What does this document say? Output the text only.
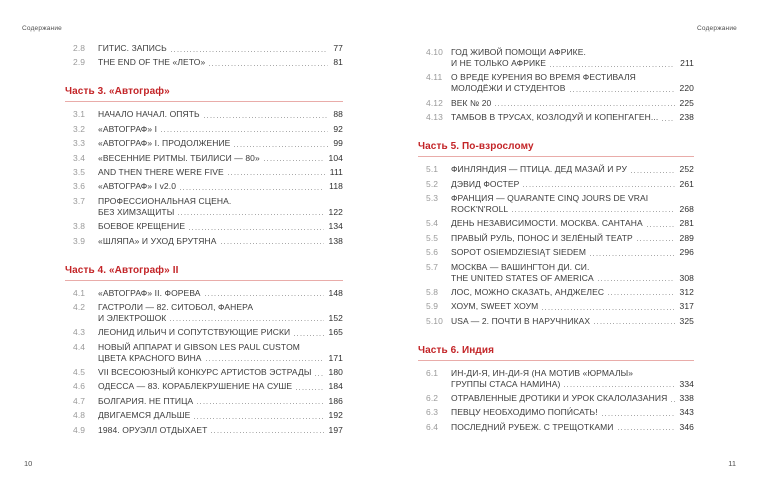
Содержание
2.8	ГИТИС. ЗАПИСЬ	77
2.9	THE END OF THE «ЛЕТО»	81
Часть 3. «Автограф»
3.1	НАЧАЛО НАЧАЛ. ОПЯТЬ	88
3.2	«АВТОГРАФ» I	92
3.3	«АВТОГРАФ» I. ПРОДОЛЖЕНИЕ	99
3.4	«ВЕСЕННИЕ РИТМЫ. ТБИЛИСИ — 80»	104
3.5	AND THEN THERE WERE FIVE	111
3.6	«АВТОГРАФ» I v2.0	118
3.7	ПРОФЕССИОНАЛЬНАЯ СЦЕНА.
БЕЗ ХИМЗАЩИТЫ	122
3.8	БОЕВОЕ КРЕЩЕНИЕ	134
3.9	«ШЛЯПА» И УХОД БРУТЯНА	138
Часть 4. «Автограф» II
4.1	«АВТОГРАФ» II. ФОРЕВА	148
4.2	ГАСТРОЛИ — 82. СИТОБОЛ, ФАНЕРА
И ЭЛЕКТРОШОК	152
4.3	ЛЕОНИД ИЛЬИЧ И СОПУТСТВУЮЩИЕ РИСКИ	165
4.4	НОВЫЙ АППАРАТ И GIBSON LES PAUL CUSTOM
ЦВЕТА КРАСНОГО ВИНА	171
4.5	VII ВСЕСОЮЗНЫЙ КОНКУРС АРТИСТОВ ЭСТРАДЫ 180
4.6	ОДЕССА — 83. КОРАБЛЕКРУШЕНИЕ НА СУШЕ	184
4.7	БОЛГАРИЯ. НЕ ПТИЦА	186
4.8	ДВИГАЕМСЯ ДАЛЬШЕ	192
4.9	1984. ОРУЭЛЛ ОТДЫХАЕТ	197
10
Содержание
4.10 ГОД ЖИВОЙ ПОМОЩИ АФРИКЕ.
И НЕ ТОЛЬКО АФРИКЕ	211
4.11	О ВРЕДЕ КУРЕНИЯ ВО ВРЕМЯ ФЕСТИВАЛЯ
МОЛОДЁЖИ И СТУДЕНТОВ	220
4.12 ВЕК № 20	225
4.13 ТАМБОВ В ТРУСАХ, КОЗЛОДУЙ И КОПЕНГАГЕН... 238
Часть 5. По-взрослому
5.1	ФИНЛЯНДИЯ — ПТИЦА. ДЕД МАЗАЙ И РУ	252
5.2	ДЭВИД ФОСТЕР	261
5.3	ФРАНЦИЯ — QUARANTE CINQ JOURS DE VRAI
ROCK'N'ROLL	268
5.4	ДЕНЬ НЕЗАВИСИМОСТИ. МОСКВА. САНТАНА	281
5.5	ПРАВЫЙ РУЛЬ, ПОНОС И ЗЕЛЁНЫЙ ТЕАТР	289
5.6	SOPOT OSIEMDZIESIĄT SIEDEM	296
5.7	МОСКВА — ВАШИНГТОН ДИ. СИ.
THE UNITED STATES OF AMERICA	308
5.8	ЛОС, МОЖНО СКАЗАТЬ, АНДЖЕЛЕС	312
5.9	ХОУМ, SWEET ХОУМ	317
5.10 USA — 2. ПОЧТИ В НАРУЧНИКАХ	325
Часть 6. Индия
6.1	ИН-ДИ-Я, ИН-ДИ-Я (НА МОТИВ «ЮРМАЛЫ»
ГРУППЫ СТАСА НАМИНА)	334
6.2	ОТРАВЛЕННЫЕ ДРОТИКИ И УРОК СКАЛОЛАЗАНИЯ 338
6.3	ПЕВЦУ НЕОБХОДИМО ПОПИ́САТЬ!	343
6.4	ПОСЛЕДНИЙ РУБЕЖ. С ТРЕЩОТКАМИ	346
11
